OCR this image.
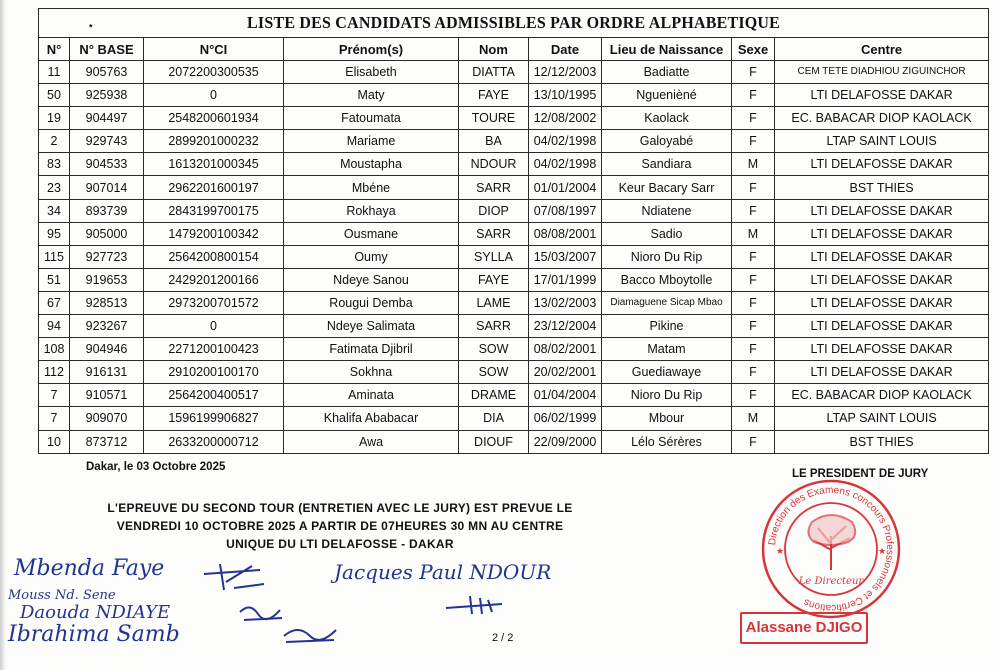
* LISTE DES CANDIDATS ADMISSIBLES PAR ORDRE ALPHABETIQUE								
N°	N° BASE	N°CI	Prénom(s)	Nom	Date	Lieu de Naissance	Sexe	Centre
11	905763	2072200300535	Elisabeth	DIATTA	12/12/2003	Badiatte	F	CEM TETE DIADHIOU ZIGUINCHOR
50	925938	0	Maty	FAYE	13/10/1995	Nguenièné	F	LTI DELAFOSSE DAKAR
19	904497	2548200601934	Fatoumata	TOURE	12/08/2002	Kaolack	F	EC. BABACAR DIOP KAOLACK
2	929743	2899201000232	Mariame	BA	04/02/1998	Galoyabé	F	LTAP SAINT LOUIS
83	904533	1613201000345	Moustapha	NDOUR	04/02/1998	Sandiara	M	LTI DELAFOSSE DAKAR
23	907014	2962201600197	Mbéne	SARR	01/01/2004	Keur Bacary Sarr	F	BST THIES
34	893739	2843199700175	Rokhaya	DIOP	07/08/1997	Ndiatene	F	LTI DELAFOSSE DAKAR
95	905000	1479200100342	Ousmane	SARR	08/08/2001	Sadio	M	LTI DELAFOSSE DAKAR
115	927723	2564200800154	Oumy	SYLLA	15/03/2007	Nioro Du Rip	F	LTI DELAFOSSE DAKAR
51	919653	2429201200166	Ndeye Sanou	FAYE	17/01/1999	Bacco Mboytolle	F	LTI DELAFOSSE DAKAR
67	928513	2973200701572	Rougui Demba	LAME	13/02/2003	Diamaguene Sicap Mbao	F	LTI DELAFOSSE DAKAR
94	923267	0	Ndeye Salimata	SARR	23/12/2004	Pikine	F	LTI DELAFOSSE DAKAR
108	904946	2271200100423	Fatimata Djibril	SOW	08/02/2001	Matam	F	LTI DELAFOSSE DAKAR
112	916131	2910200100170	Sokhna	SOW	20/02/2001	Guediawaye	F	LTI DELAFOSSE DAKAR
7	910571	2564200400517	Aminata	DRAME	01/04/2004	Nioro Du Rip	F	EC. BABACAR DIOP KAOLACK
7	909070	1596199906827	Khalifa Ababacar	DIA	06/02/1999	Mbour	M	LTAP SAINT LOUIS
10	873712	2633200000712	Awa	DIOUF	22/09/2000	Lélo Sérères	F	BST THIES
Dakar, le 03 Octobre 2025
LE PRESIDENT DE JURY
L'EPREUVE DU SECOND TOUR (ENTRETIEN AVEC LE JURY) EST PREVUE LE
VENDREDI 10 OCTOBRE 2025 A PARTIR DE 07HEURES 30 MN AU CENTRE
UNIQUE DU LTI DELAFOSSE - DAKAR
Mbenda Faye
Mouss Nd. Sene
Daouda NDIAYE
Ibrahima Samb
Jacques Paul NDOUR
2 / 2
Direction des Examens concours Professionnels et Certifications
Le Directeur
★	★
Alassane DJIGO
